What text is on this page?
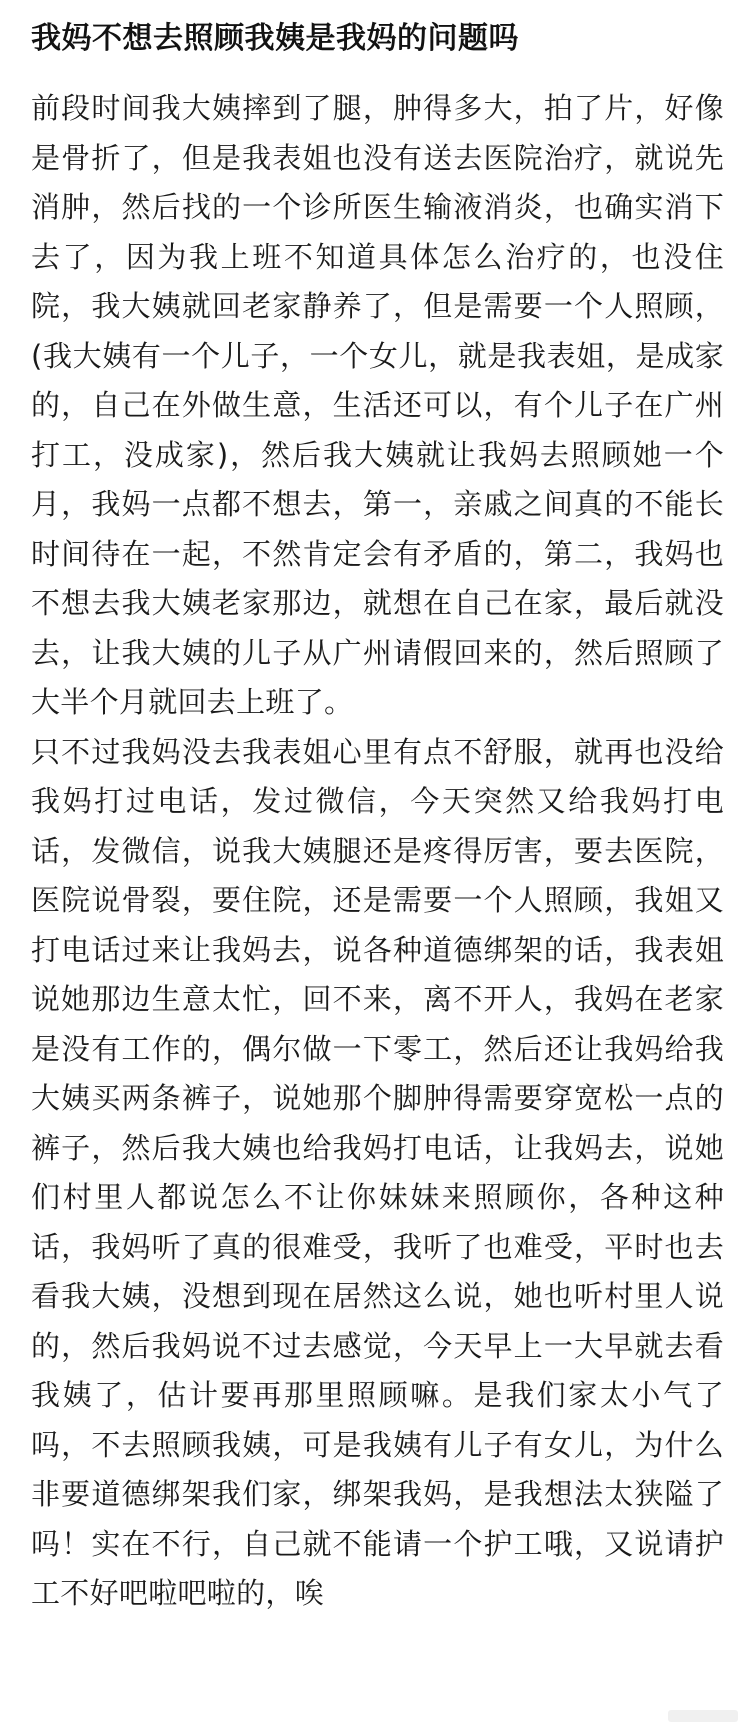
我妈不想去照顾我姨是我妈的问题吗

前段时间我大姨摔到了腿，肿得多大，拍了片，好像是骨折了，但是我表姐也没有送去医院治疗，就说先消肿，然后找的一个诊所医生输液消炎，也确实消下去了，因为我上班不知道具体怎么治疗的，也没住院，我大姨就回老家静养了，但是需要一个人照顾，(我大姨有一个儿子，一个女儿，就是我表姐，是成家的，自己在外做生意，生活还可以，有个儿子在广州打工，没成家)，然后我大姨就让我妈去照顾她一个月，我妈一点都不想去，第一，亲戚之间真的不能长时间待在一起，不然肯定会有矛盾的，第二，我妈也不想去我大姨老家那边，就想在自己在家，最后就没去，让我大姨的儿子从广州请假回来的，然后照顾了大半个月就回去上班了。

只不过我妈没去我表姐心里有点不舒服，就再也没给我妈打过电话，发过微信，今天突然又给我妈打电话，发微信，说我大姨腿还是疼得厉害，要去医院，医院说骨裂，要住院，还是需要一个人照顾，我姐又打电话过来让我妈去，说各种道德绑架的话，我表姐说她那边生意太忙，回不来，离不开人，我妈在老家是没有工作的，偶尔做一下零工，然后还让我妈给我大姨买两条裤子，说她那个脚肿得需要穿宽松一点的裤子，然后我大姨也给我妈打电话，让我妈去，说她们村里人都说怎么不让你妹妹来照顾你，各种这种话，我妈听了真的很难受，我听了也难受，平时也去看我大姨，没想到现在居然这么说，她也听村里人说的，然后我妈说不过去感觉，今天早上一大早就去看我姨了，估计要再那里照顾嘛。是我们家太小气了吗，不去照顾我姨，可是我姨有儿子有女儿，为什么非要道德绑架我们家，绑架我妈，是我想法太狭隘了吗！实在不行，自己就不能请一个护工哦，又说请护工不好吧啦吧啦的，唉
